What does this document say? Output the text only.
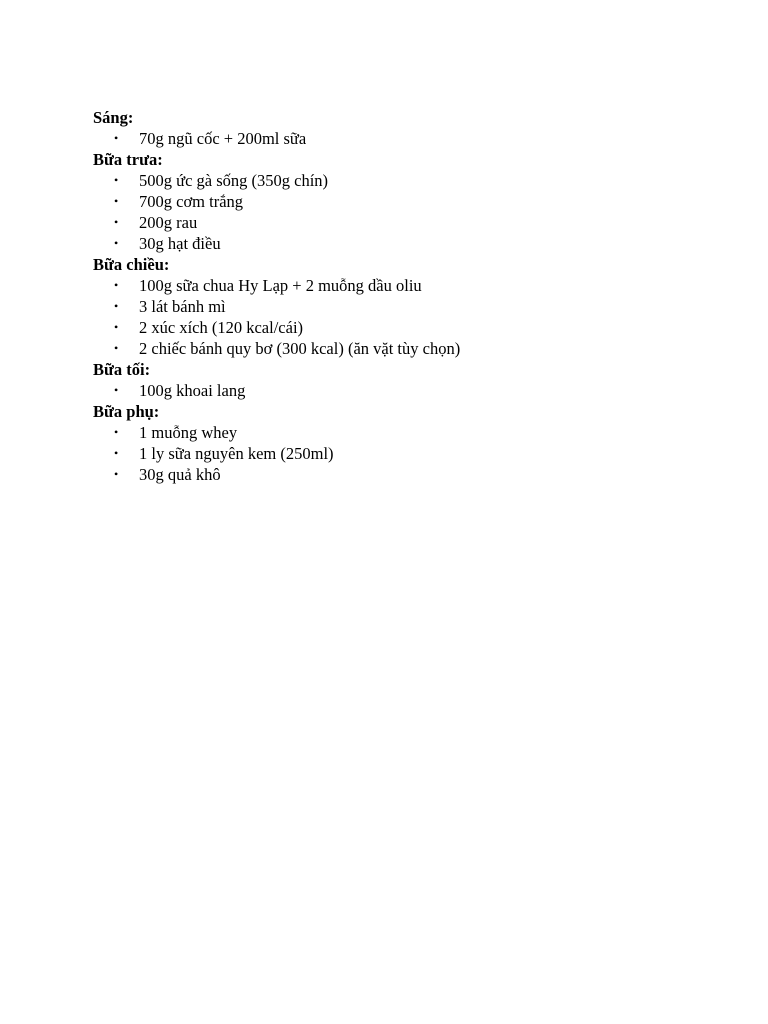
Sáng:
• 70g ngũ cốc + 200ml sữa
Bữa trưa:
• 500g ức gà sống (350g chín)
• 700g cơm trắng
• 200g rau
• 30g hạt điều
Bữa chiều:
• 100g sữa chua Hy Lạp + 2 muỗng dầu oliu
• 3 lát bánh mì
• 2 xúc xích (120 kcal/cái)
• 2 chiếc bánh quy bơ (300 kcal) (ăn vặt tùy chọn)
Bữa tối:
• 100g khoai lang
Bữa phụ:
• 1 muỗng whey
• 1 ly sữa nguyên kem (250ml)
• 30g quả khô
